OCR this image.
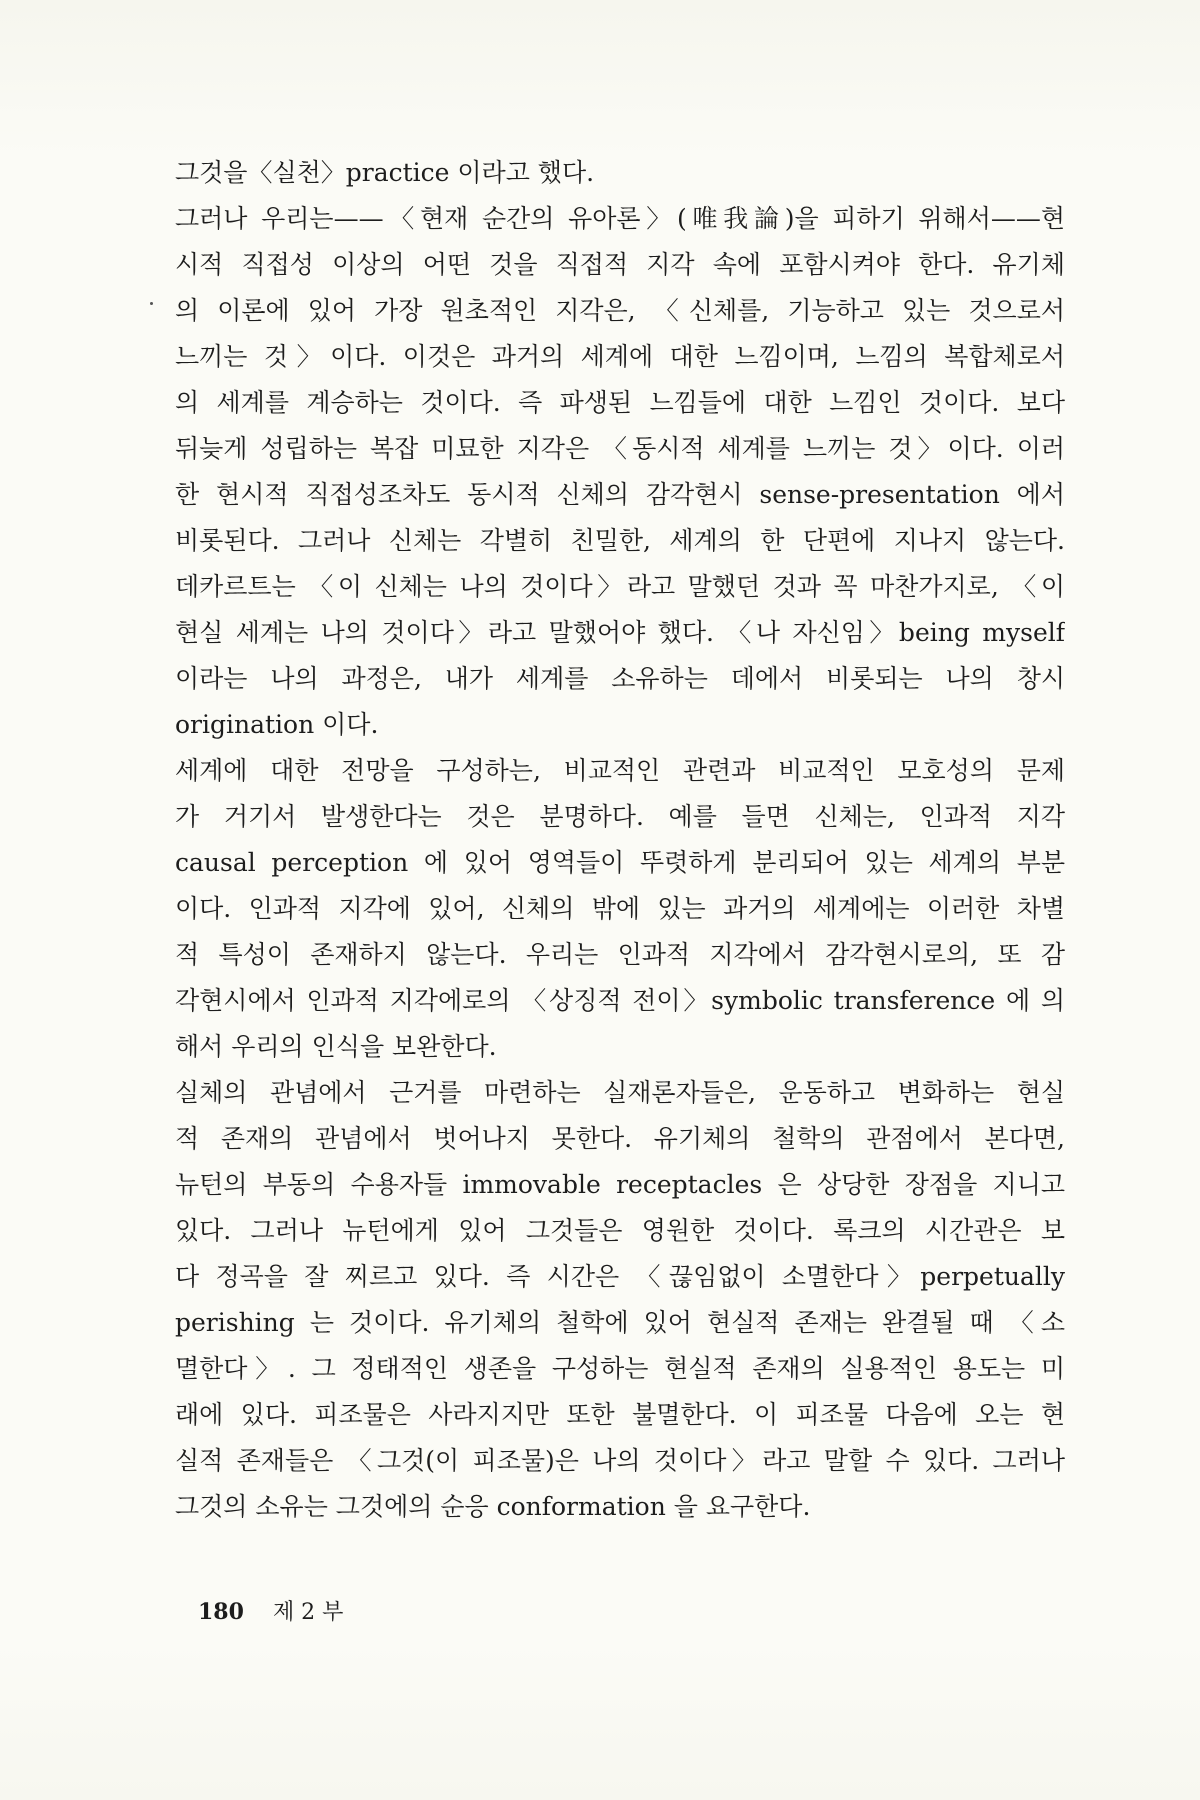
그것을〈실천〉practice 이라고 했다.
그러나 우리는——〈현재 순간의 유아론〉(唯我論)을 피하기 위해서——현
시적 직접성 이상의 어떤 것을 직접적 지각 속에 포함시켜야 한다. 유기체
의 이론에 있어 가장 원초적인 지각은, 〈신체를, 기능하고 있는 것으로서
느끼는 것〉이다. 이것은 과거의 세계에 대한 느낌이며, 느낌의 복합체로서
의 세계를 계승하는 것이다. 즉 파생된 느낌들에 대한 느낌인 것이다. 보다
뒤늦게 성립하는 복잡 미묘한 지각은 〈동시적 세계를 느끼는 것〉이다. 이러
한 현시적 직접성조차도 동시적 신체의 감각현시 sense-presentation 에서
비롯된다. 그러나 신체는 각별히 친밀한, 세계의 한 단편에 지나지 않는다.
데카르트는 〈이 신체는 나의 것이다〉라고 말했던 것과 꼭 마찬가지로, 〈이
현실 세계는 나의 것이다〉라고 말했어야 했다. 〈나 자신임〉being myself
이라는 나의 과정은, 내가 세계를 소유하는 데에서 비롯되는 나의 창시
origination 이다.
세계에 대한 전망을 구성하는, 비교적인 관련과 비교적인 모호성의 문제
가 거기서 발생한다는 것은 분명하다. 예를 들면 신체는, 인과적 지각
causal perception 에 있어 영역들이 뚜렷하게 분리되어 있는 세계의 부분
이다. 인과적 지각에 있어, 신체의 밖에 있는 과거의 세계에는 이러한 차별
적 특성이 존재하지 않는다. 우리는 인과적 지각에서 감각현시로의, 또 감
각현시에서 인과적 지각에로의 〈상징적 전이〉symbolic transference 에 의
해서 우리의 인식을 보완한다.
실체의 관념에서 근거를 마련하는 실재론자들은, 운동하고 변화하는 현실
적 존재의 관념에서 벗어나지 못한다. 유기체의 철학의 관점에서 본다면,
뉴턴의 부동의 수용자들 immovable receptacles 은 상당한 장점을 지니고
있다. 그러나 뉴턴에게 있어 그것들은 영원한 것이다. 록크의 시간관은 보
다 정곡을 잘 찌르고 있다. 즉 시간은 〈끊임없이 소멸한다〉perpetually
perishing 는 것이다. 유기체의 철학에 있어 현실적 존재는 완결될 때 〈소
멸한다〉. 그 정태적인 생존을 구성하는 현실적 존재의 실용적인 용도는 미
래에 있다. 피조물은 사라지지만 또한 불멸한다. 이 피조물 다음에 오는 현
실적 존재들은 〈그것(이 피조물)은 나의 것이다〉라고 말할 수 있다. 그러나
그것의 소유는 그것에의 순응 conformation 을 요구한다.
180 제 2 부
